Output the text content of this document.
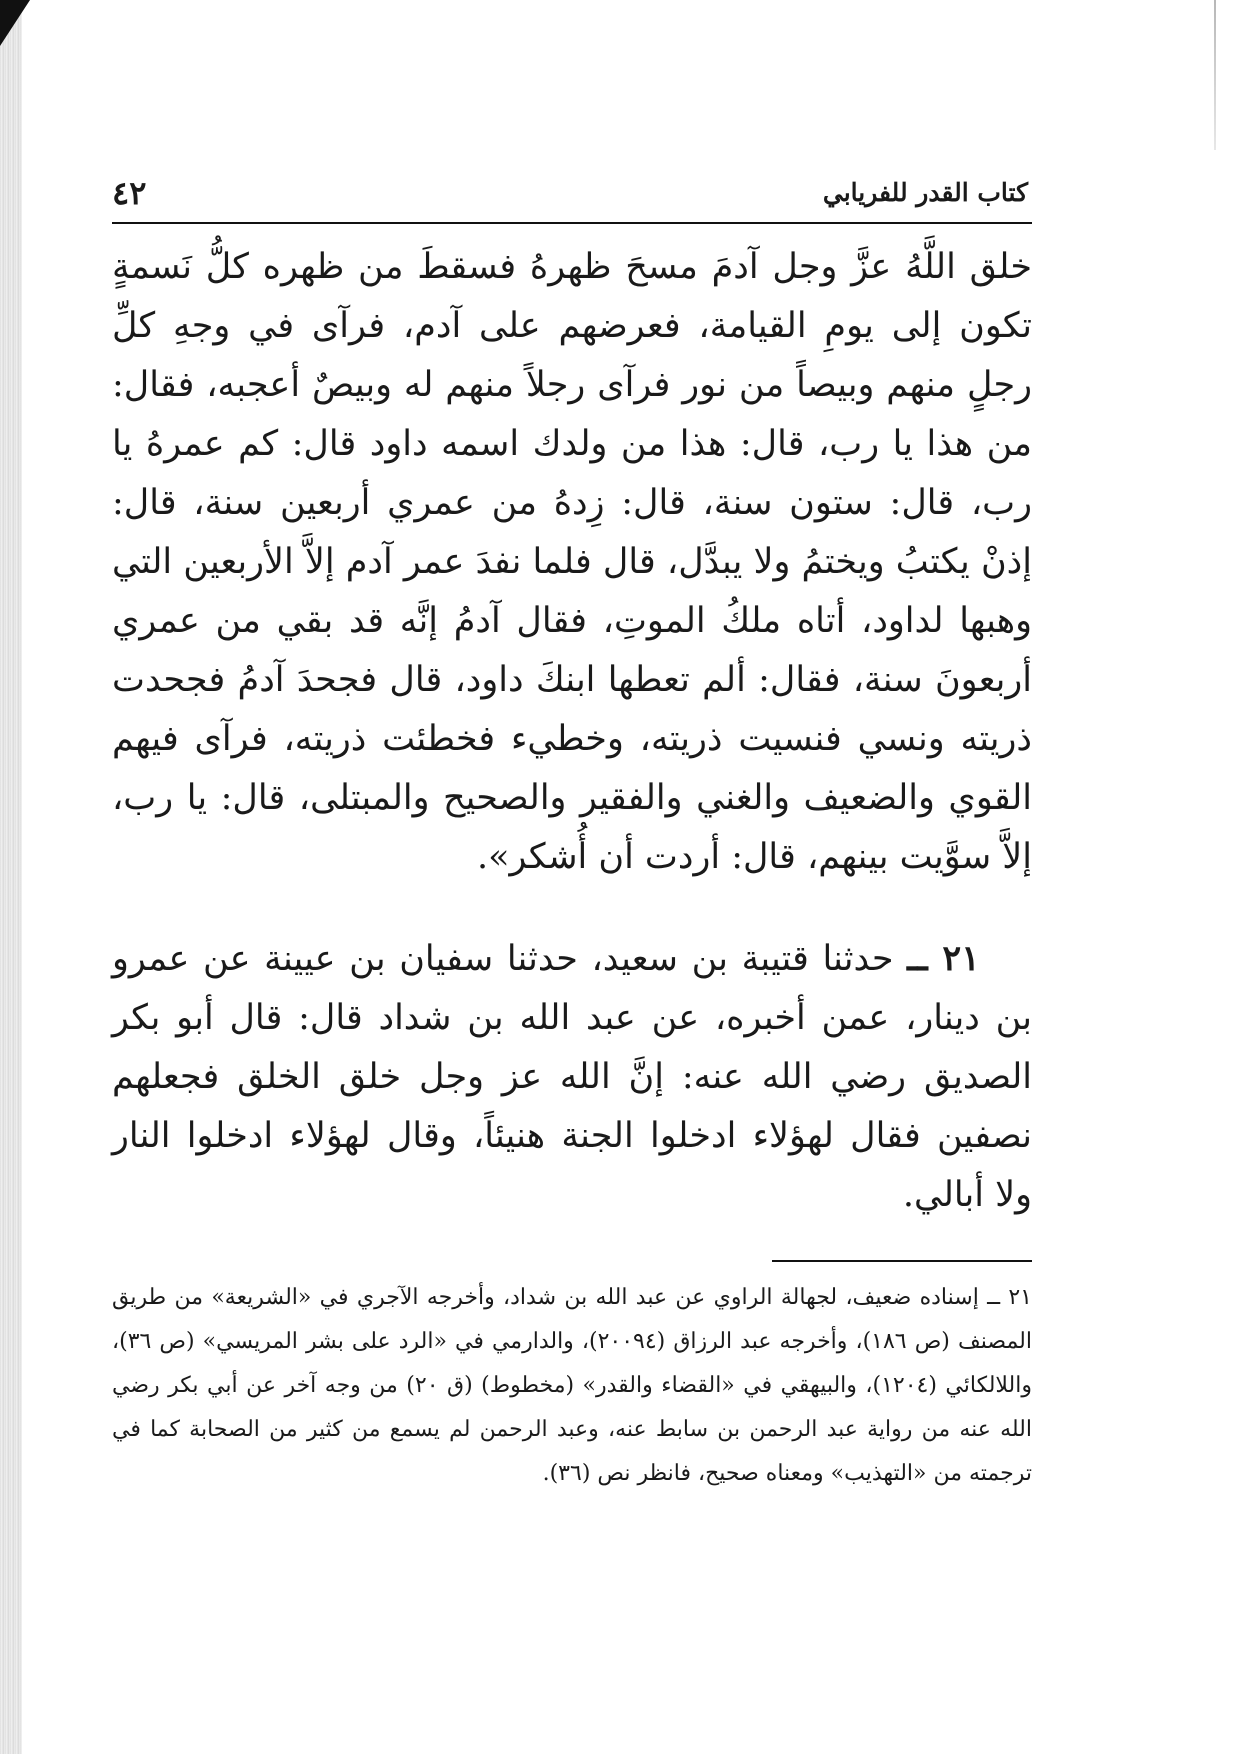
كتاب القدر للفريابي
٤٢

خلق اللَّهُ عزَّ وجل آدمَ مسحَ ظهرهُ فسقطَ من ظهره كلُّ نَسمةٍ تكون إلى يومِ القيامة، فعرضهم على آدم، فرآى في وجهِ كلِّ رجلٍ منهم وبيصاً من نور فرآى رجلاً منهم له وبيصٌ أعجبه، فقال: من هذا يا رب، قال: هذا من ولدك اسمه داود قال: كم عمرهُ يا رب، قال: ستون سنة، قال: زِدهُ من عمري أربعين سنة، قال: إذنْ يكتبُ ويختمُ ولا يبدَّل، قال فلما نفدَ عمر آدم إلاَّ الأربعين التي وهبها لداود، أتاه ملكُ الموتِ، فقال آدمُ إنَّه قد بقي من عمري أربعونَ سنة، فقال: ألم تعطها ابنكَ داود، قال فجحدَ آدمُ فجحدت ذريته ونسي فنسيت ذريته، وخطيء فخطئت ذريته، فرآى فيهم القوي والضعيف والغني والفقير والصحيح والمبتلى، قال: يا رب، إلاَّ سوَّيت بينهم، قال: أردت أن أُشكر».

٢١ ــ حدثنا قتيبة بن سعيد، حدثنا سفيان بن عيينة عن عمرو بن دينار، عمن أخبره، عن عبد الله بن شداد قال: قال أبو بكر الصديق رضي الله عنه: إنَّ الله عز وجل خلق الخلق فجعلهم نصفين فقال لهؤلاء ادخلوا الجنة هنيئاً، وقال لهؤلاء ادخلوا النار ولا أبالي.

٢١ ــ إسناده ضعيف، لجهالة الراوي عن عبد الله بن شداد، وأخرجه الآجري في «الشريعة» من طريق المصنف (ص ١٨٦)، وأخرجه عبد الرزاق (٢٠٠٩٤)، والدارمي في «الرد على بشر المريسي» (ص ٣٦)، واللالكائي (١٢٠٤)، والبيهقي في «القضاء والقدر» (مخطوط) (ق ٢٠) من وجه آخر عن أبي بكر رضي الله عنه من رواية عبد الرحمن بن سابط عنه، وعبد الرحمن لم يسمع من كثير من الصحابة كما في ترجمته من «التهذيب» ومعناه صحيح، فانظر نص (٣٦).
